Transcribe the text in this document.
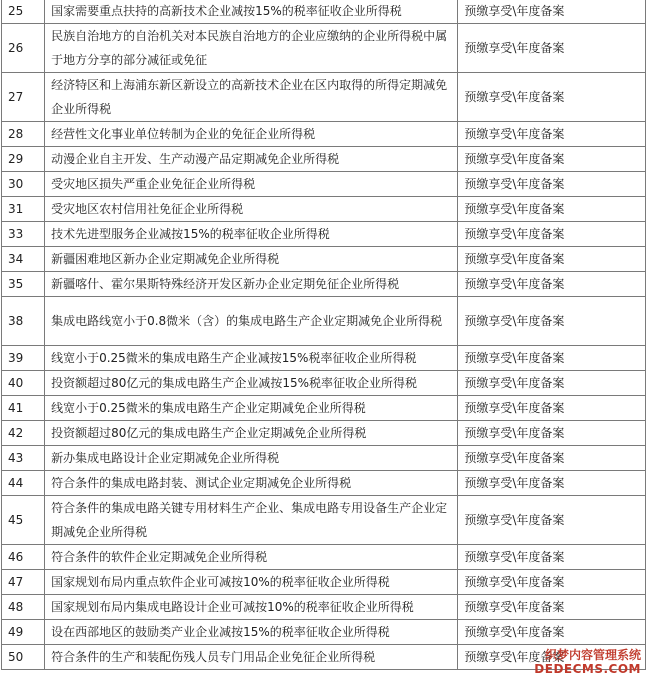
25	国家需要重点扶持的高新技术企业减按15%的税率征收企业所得税	预缴享受\年度备案
26	民族自治地方的自治机关对本民族自治地方的企业应缴纳的企业所得税中属于地方分享的部分减征或免征	预缴享受\年度备案
27	经济特区和上海浦东新区新设立的高新技术企业在区内取得的所得定期减免企业所得税	预缴享受\年度备案
28	经营性文化事业单位转制为企业的免征企业所得税	预缴享受\年度备案
29	动漫企业自主开发、生产动漫产品定期减免企业所得税	预缴享受\年度备案
30	受灾地区损失严重企业免征企业所得税	预缴享受\年度备案
31	受灾地区农村信用社免征企业所得税	预缴享受\年度备案
33	技术先进型服务企业减按15%的税率征收企业所得税	预缴享受\年度备案
34	新疆困难地区新办企业定期减免企业所得税	预缴享受\年度备案
35	新疆喀什、霍尔果斯特殊经济开发区新办企业定期免征企业所得税	预缴享受\年度备案
38	集成电路线宽小于0.8微米（含）的集成电路生产企业定期减免企业所得税	预缴享受\年度备案
39	线宽小于0.25微米的集成电路生产企业减按15%税率征收企业所得税	预缴享受\年度备案
40	投资额超过80亿元的集成电路生产企业减按15%税率征收企业所得税	预缴享受\年度备案
41	线宽小于0.25微米的集成电路生产企业定期减免企业所得税	预缴享受\年度备案
42	投资额超过80亿元的集成电路生产企业定期减免企业所得税	预缴享受\年度备案
43	新办集成电路设计企业定期减免企业所得税	预缴享受\年度备案
44	符合条件的集成电路封装、测试企业定期减免企业所得税	预缴享受\年度备案
45	符合条件的集成电路关键专用材料生产企业、集成电路专用设备生产企业定期减免企业所得税	预缴享受\年度备案
46	符合条件的软件企业定期减免企业所得税	预缴享受\年度备案
47	国家规划布局内重点软件企业可减按10%的税率征收企业所得税	预缴享受\年度备案
48	国家规划布局内集成电路设计企业可减按10%的税率征收企业所得税	预缴享受\年度备案
49	设在西部地区的鼓励类产业企业减按15%的税率征收企业所得税	预缴享受\年度备案
50	符合条件的生产和装配伤残人员专门用品企业免征企业所得税	预缴享受\年度备案
织梦内容管理系统
DEDECMS.COM
